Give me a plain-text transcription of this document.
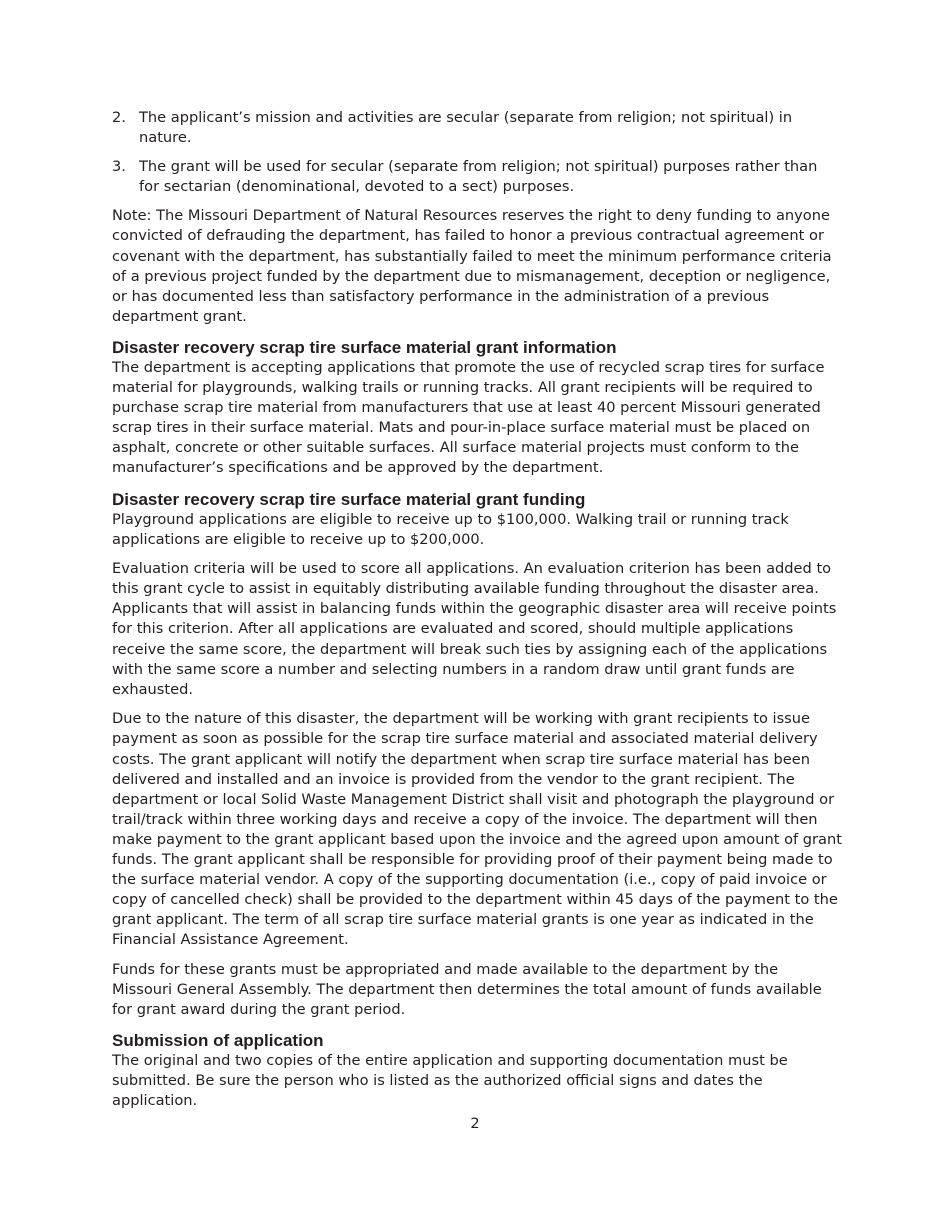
2. The applicant’s mission and activities are secular (separate from religion; not spiritual) in nature.
3. The grant will be used for secular (separate from religion; not spiritual) purposes rather than for sectarian (denominational, devoted to a sect) purposes.

Note: The Missouri Department of Natural Resources reserves the right to deny funding to anyone convicted of defrauding the department, has failed to honor a previous contractual agreement or covenant with the department, has substantially failed to meet the minimum performance criteria of a previous project funded by the department due to mismanagement, deception or negligence, or has documented less than satisfactory performance in the administration of a previous department grant.

Disaster recovery scrap tire surface material grant information

The department is accepting applications that promote the use of recycled scrap tires for surface material for playgrounds, walking trails or running tracks. All grant recipients will be required to purchase scrap tire material from manufacturers that use at least 40 percent Missouri generated scrap tires in their surface material. Mats and pour-in-place surface material must be placed on asphalt, concrete or other suitable surfaces. All surface material projects must conform to the manufacturer’s specifications and be approved by the department.

Disaster recovery scrap tire surface material grant funding

Playground applications are eligible to receive up to $100,000. Walking trail or running track applications are eligible to receive up to $200,000.

Evaluation criteria will be used to score all applications. An evaluation criterion has been added to this grant cycle to assist in equitably distributing available funding throughout the disaster area. Applicants that will assist in balancing funds within the geographic disaster area will receive points for this criterion. After all applications are evaluated and scored, should multiple applications receive the same score, the department will break such ties by assigning each of the applications with the same score a number and selecting numbers in a random draw until grant funds are exhausted.

Due to the nature of this disaster, the department will be working with grant recipients to issue payment as soon as possible for the scrap tire surface material and associated material delivery costs. The grant applicant will notify the department when scrap tire surface material has been delivered and installed and an invoice is provided from the vendor to the grant recipient. The department or local Solid Waste Management District shall visit and photograph the playground or trail/track within three working days and receive a copy of the invoice. The department will then make payment to the grant applicant based upon the invoice and the agreed upon amount of grant funds. The grant applicant shall be responsible for providing proof of their payment being made to the surface material vendor. A copy of the supporting documentation (i.e., copy of paid invoice or copy of cancelled check) shall be provided to the department within 45 days of the payment to the grant applicant. The term of all scrap tire surface material grants is one year as indicated in the Financial Assistance Agreement.

Funds for these grants must be appropriated and made available to the department by the Missouri General Assembly. The department then determines the total amount of funds available for grant award during the grant period.

Submission of application

The original and two copies of the entire application and supporting documentation must be submitted. Be sure the person who is listed as the authorized official signs and dates the application.

2
